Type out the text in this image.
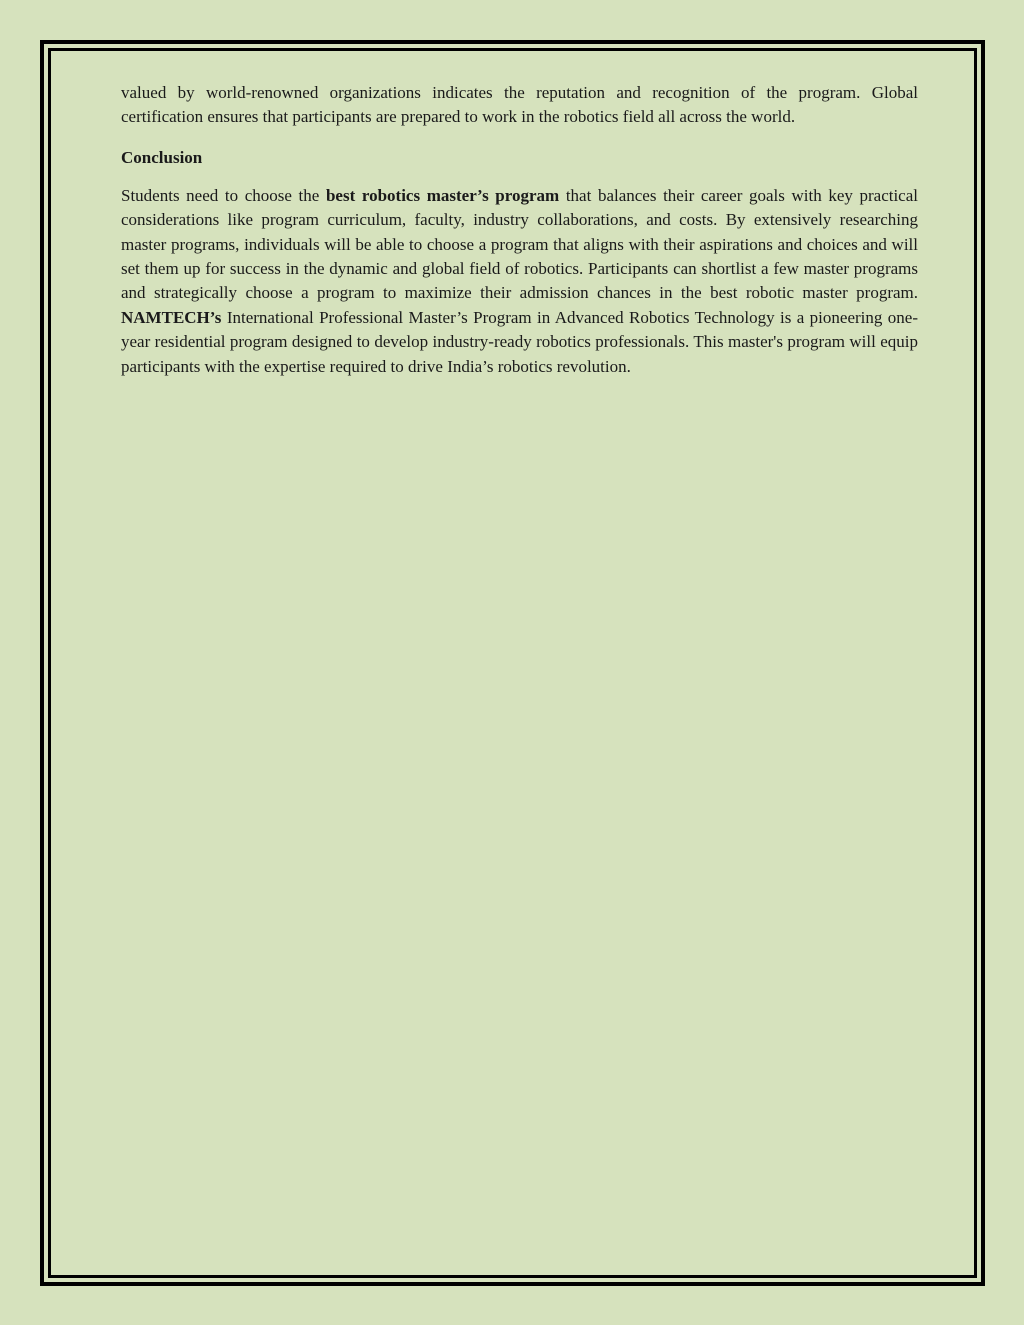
valued by world-renowned organizations indicates the reputation and recognition of the program. Global certification ensures that participants are prepared to work in the robotics field all across the world.

Conclusion

Students need to choose the best robotics master’s program that balances their career goals with key practical considerations like program curriculum, faculty, industry collaborations, and costs. By extensively researching master programs, individuals will be able to choose a program that aligns with their aspirations and choices and will set them up for success in the dynamic and global field of robotics. Participants can shortlist a few master programs and strategically choose a program to maximize their admission chances in the best robotic master program. NAMTECH’s International Professional Master’s Program in Advanced Robotics Technology is a pioneering one-year residential program designed to develop industry-ready robotics professionals. This master's program will equip participants with the expertise required to drive India’s robotics revolution.
